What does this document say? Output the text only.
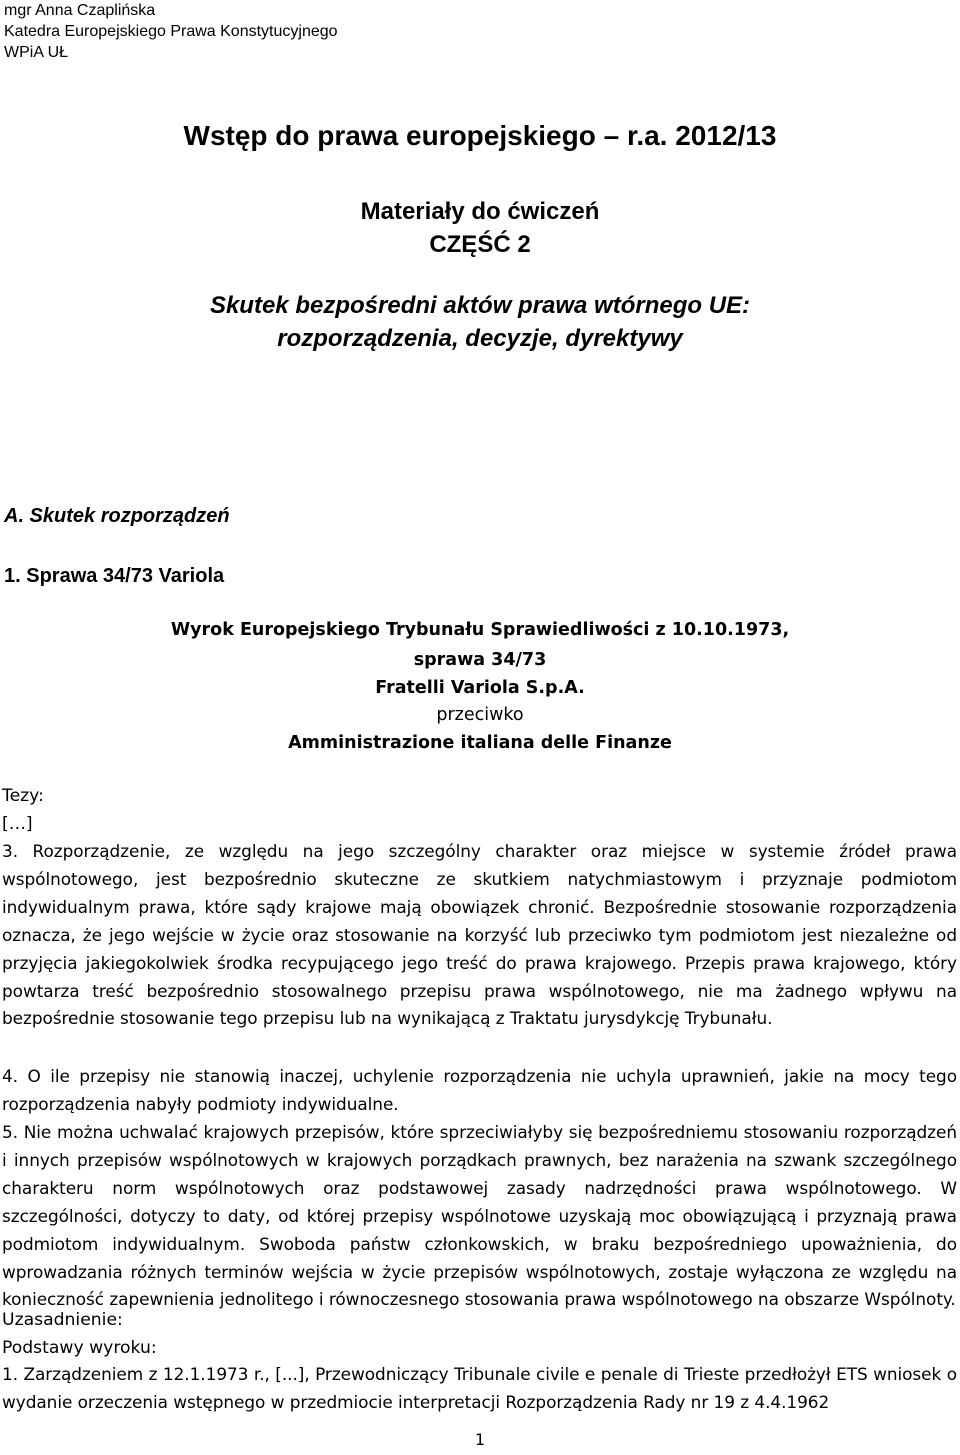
mgr Anna Czaplińska
Katedra Europejskiego Prawa Konstytucyjnego
WPiA UŁ
Wstęp do prawa europejskiego – r.a. 2012/13
Materiały do ćwiczeń
CZĘŚĆ 2
Skutek bezpośredni aktów prawa wtórnego UE:
rozporządzenia, decyzje, dyrektywy
A. Skutek rozporządzeń
1. Sprawa 34/73 Variola
Wyrok Europejskiego Trybunału Sprawiedliwości z 10.10.1973,
sprawa 34/73
Fratelli Variola S.p.A.
przeciwko
Amministrazione italiana delle Finanze
Tezy:
[…]
3. Rozporządzenie, ze względu na jego szczególny charakter oraz miejsce w systemie źródeł prawa wspólnotowego, jest bezpośrednio skuteczne ze skutkiem natychmiastowym i przyznaje podmiotom indywidualnym prawa, które sądy krajowe mają obowiązek chronić. Bezpośrednie stosowanie rozporządzenia oznacza, że jego wejście w życie oraz stosowanie na korzyść lub przeciwko tym podmiotom jest niezależne od przyjęcia jakiegokolwiek środka recypującego jego treść do prawa krajowego. Przepis prawa krajowego, który powtarza treść bezpośrednio stosowalnego przepisu prawa wspólnotowego, nie ma żadnego wpływu na bezpośrednie stosowanie tego przepisu lub na wynikającą z Traktatu jurysdykcję Trybunału.
4. O ile przepisy nie stanowią inaczej, uchylenie rozporządzenia nie uchyla uprawnień, jakie na mocy tego rozporządzenia nabyły podmioty indywidualne.
5. Nie można uchwalać krajowych przepisów, które sprzeciwiałyby się bezpośredniemu stosowaniu rozporządzeń i innych przepisów wspólnotowych w krajowych porządkach prawnych, bez narażenia na szwank szczególnego charakteru norm wspólnotowych oraz podstawowej zasady nadrzędności prawa wspólnotowego. W szczególności, dotyczy to daty, od której przepisy wspólnotowe uzyskają moc obowiązującą i przyznają prawa podmiotom indywidualnym. Swoboda państw członkowskich, w braku bezpośredniego upoważnienia, do wprowadzania różnych terminów wejścia w życie przepisów wspólnotowych, zostaje wyłączona ze względu na konieczność zapewnienia jednolitego i równoczesnego stosowania prawa wspólnotowego na obszarze Wspólnoty.
Uzasadnienie:
Podstawy wyroku:
1. Zarządzeniem z 12.1.1973 r., [...], Przewodniczący Tribunale civile e penale di Trieste przedłożył ETS wniosek o wydanie orzeczenia wstępnego w przedmiocie interpretacji Rozporządzenia Rady nr 19 z 4.4.1962
1
